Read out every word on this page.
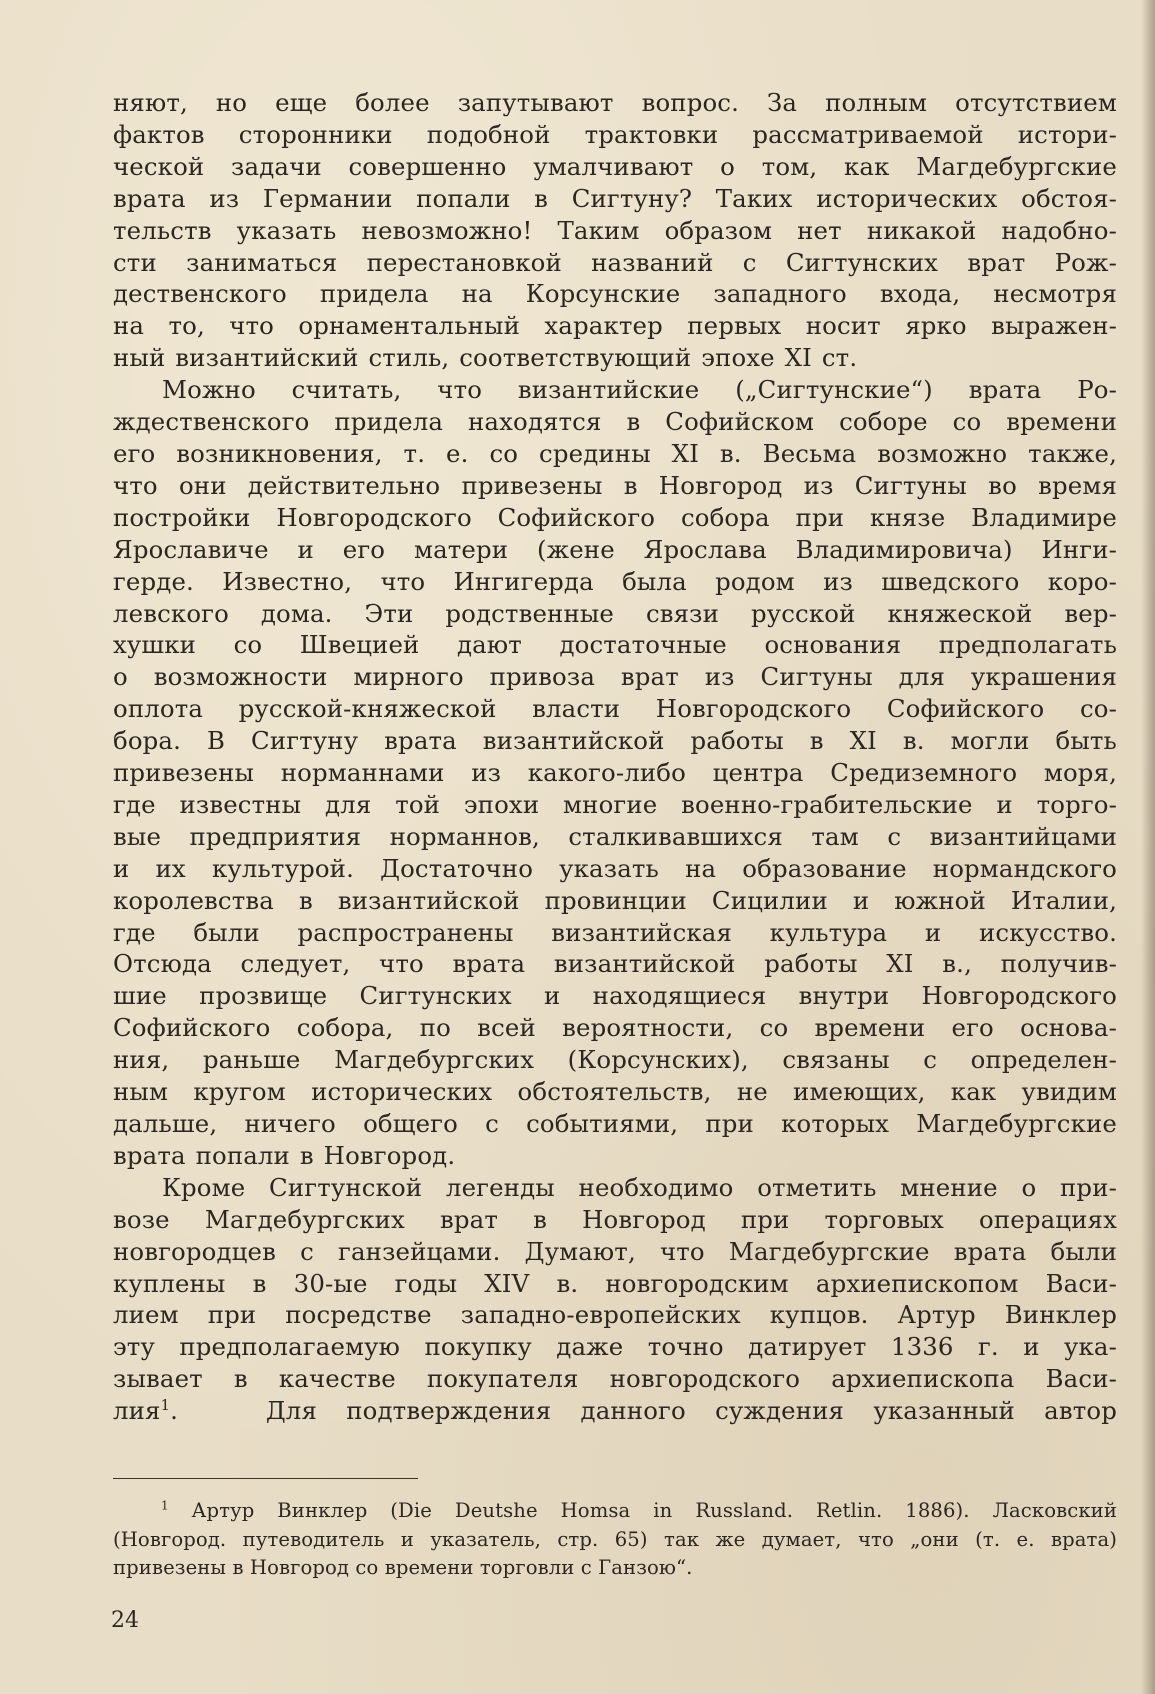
няют, но еще более запутывают вопрос. За полным отсутствием
фактов сторонники подобной трактовки рассматриваемой истори-
ческой задачи совершенно умалчивают о том, как Магдебургские
врата из Германии попали в Сигтуну? Таких исторических обстоя-
тельств указать невозможно! Таким образом нет никакой надобно-
сти заниматься перестановкой названий с Сигтунских врат Рож-
дественского придела на Корсунские западного входа, несмотря
на то, что орнаментальный характер первых носит ярко выражен-
ный византийский стиль, соответствующий эпохе XI ст.

Можно считать, что византийские („Сигтунские“) врата Ро-
ждественского придела находятся в Софийском соборе со времени
его возникновения, т. е. со средины XI в. Весьма возможно также,
что они действительно привезены в Новгород из Сигтуны во время
постройки Новгородского Софийского собора при князе Владимире
Ярославиче и его матери (жене Ярослава Владимировича) Инги-
герде. Известно, что Ингигерда была родом из шведского коро-
левского дома. Эти родственные связи русской княжеской вер-
хушки со Швецией дают достаточные основания предполагать
о возможности мирного привоза врат из Сигтуны для украшения
оплота русской-княжеской власти Новгородского Софийского со-
бора. В Сигтуну врата византийской работы в XI в. могли быть
привезены норманнами из какого-либо центра Средиземного моря,
где известны для той эпохи многие военно-грабительские и торго-
вые предприятия норманнов, сталкивавшихся там с византийцами
и их культурой. Достаточно указать на образование нормандского
королевства в византийской провинции Сицилии и южной Италии,
где были распространены византийская культура и искусство.
Отсюда следует, что врата византийской работы XI в., получив-
шие прозвище Сигтунских и находящиеся внутри Новгородского
Софийского собора, по всей вероятности, со времени его основа-
ния, раньше Магдебургских (Корсунских), связаны с определен-
ным кругом исторических обстоятельств, не имеющих, как увидим
дальше, ничего общего с событиями, при которых Магдебургские
врата попали в Новгород.

Кроме Сигтунской легенды необходимо отметить мнение о при-
возе Магдебургских врат в Новгород при торговых операциях
новгородцев с ганзейцами. Думают, что Магдебургские врата были
куплены в 30-ые годы XIV в. новгородским архиепископом Васи-
лием при посредстве западно-европейских купцов. Артур Винклер
эту предполагаемую покупку даже точно датирует 1336 г. и ука-
зывает в качестве покупателя новгородского архиепископа Васи-
лия$^1$.   Для подтверждения данного суждения указанный автор

$^1$ Артур Винклер (Die Deutshe Homsa in Russland. Retlin. 1886). Ласковский
(Новгород. путеводитель и указатель, стр. 65) так же думает, что „они (т. е. врата)
привезены в Новгород со времени торговли с Ганзою“.
24
